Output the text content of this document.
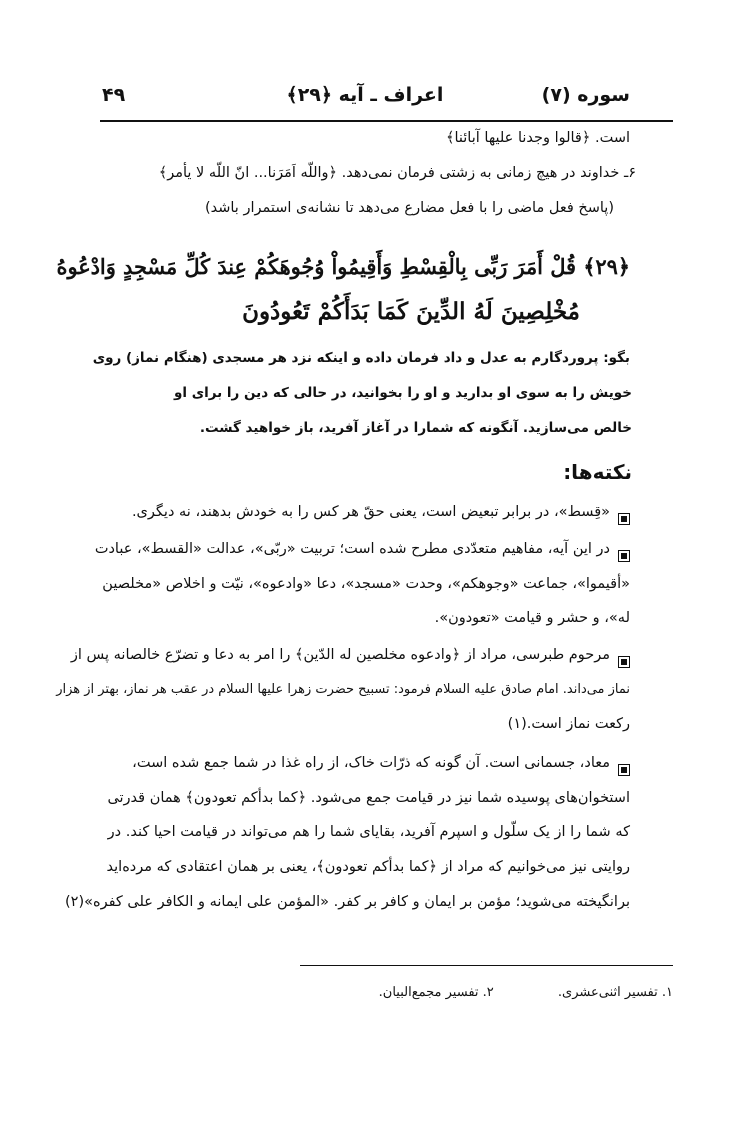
سوره (۷)
اعراف ـ آیه ﴿۲۹﴾
۴۹
است. ﴿قالوا وجدنا علیها آبائنا﴾
۶ـ خداوند در هیچ زمانی به زشتی فرمان نمی‌دهد. ﴿واللّه اَمَرَنا... انّ اللّه لا یأمر﴾
(پاسخ فعل ماضی را با فعل مضارع می‌دهد تا نشانه‌ی استمرار باشد)
﴿۲۹﴾ قُلْ أَمَرَ رَبِّی بِالْقِسْطِ وَأَقِیمُواْ وُجُوهَكُمْ عِندَ كُلِّ مَسْجِدٍ وَادْعُوهُ
مُخْلِصِینَ لَهُ الدِّینَ كَمَا بَدَأَكُمْ تَعُودُونَ
بگو: پروردگارم به عدل و داد فرمان داده و اینکه نزد هر مسجدی (هنگام نماز) روی
خویش را به سوی او بدارید و او را بخوانید، در حالی که دین را برای او
خالص می‌سازید. آنگونه که شمارا در آغاز آفرید، باز خواهید گشت.
نکته‌ها:
«قِسط»، در برابر تبعیض است، یعنی حقّ هر کس را به خودش بدهند، نه دیگری.
در این آیه، مفاهیم متعدّدی مطرح شده است؛ تربیت «ربّی»، عدالت «القسط»، عبادت
«أقیموا»، جماعت «وجوهکم»، وحدت «مسجد»، دعا «وادعوه»، نیّت و اخلاص «مخلصین
له»، و حشر و قیامت «تعودون».
مرحوم طبرسی، مراد از ﴿وادعوه مخلصین له الدّین﴾ را امر به دعا و تضرّع خالصانه پس از
نماز می‌داند. امام صادق علیه السلام فرمود: تسبیح حضرت زهرا علیها السلام در عقب هر نماز، بهتر از هزار
رکعت نماز است.(۱)
معاد، جسمانی است. آن گونه که ذرّات خاک، از راه غذا در شما جمع شده است،
استخوان‌های پوسیده شما نیز در قیامت جمع می‌شود. ﴿کما بدأکم تعودون﴾ همان قدرتی
که شما را از یک سلّول و اسپرم آفرید، بقایای شما را هم می‌تواند در قیامت احیا کند. در
روایتی نیز می‌خوانیم که مراد از ﴿کما بدأکم تعودون﴾، یعنی بر همان اعتقادی که مرده‌اید
برانگیخته می‌شوید؛ مؤمن بر ایمان و کافر بر کفر. «المؤمن علی ایمانه و الکافر علی کفره»(۲)
۱. تفسیر اثنی‌عشری. ۲. تفسیر مجمع‌البیان.
